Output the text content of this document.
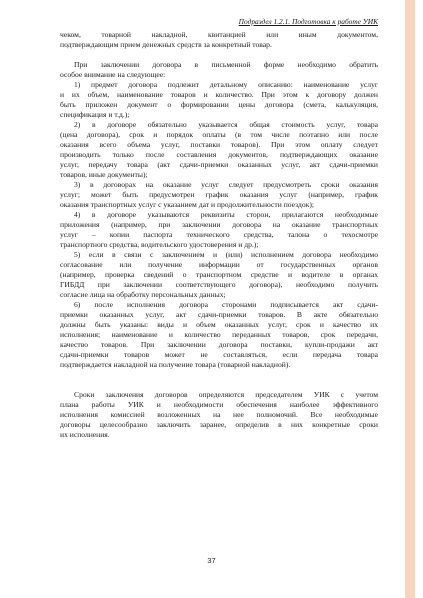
Подраздел 1.2.1. Подготовка к работе УИК
чеком, товарной накладной, квитанцией или иным документом,
подтверждающим прием денежных средств за конкретный товар.
При заключении договора в письменной форме необходимо обратить
особое внимание на следующее:
1) предмет договора подлежит детальному описанию: наименование услуг
и их объем, наименование товаров и количество. При этом к договору должен
быть приложен документ о формировании цены договора (смета, калькуляция,
спецификация и т.д.);
2) в договоре обязательно указывается общая стоимость услуг, товара
(цена договора), срок и порядок оплаты (в том числе поэтапно или после
оказания всего объема услуг, поставки товаров). При этом оплату следует
производить только после составления документов, подтверждающих оказание
услуг, передачу товара (акт сдачи-приемки оказанных услуг, акт сдачи-приемки
товаров, иные документы);
3) в договорах на оказание услуг следует предусмотреть сроки оказания
услуг; может быть предусмотрен график оказания услуг (например, график
оказания транспортных услуг с указанием дат и продолжительности поездок);
4) в договоре указываются реквизиты сторон, прилагаются необходимые
приложения (например, при заключении договора на оказание транспортных
услуг – копии паспорта технического средства, талона о техосмотре
транспортного средства, водительского удостоверения и др.);
5) если в связи с заключением и (или) исполнением договора необходимо
согласование или получение информации от государственных органов
(например, проверка сведений о транспортном средстве и водителе в органах
ГИБДД при заключении соответствующего договора), необходимо получить
согласие лица на обработку персональных данных;
6) после исполнения договора сторонами подписывается акт сдачи-
приемки оказанных услуг, акт сдачи-приемки товаров. В акте обязательно
должны быть указаны: виды и объем оказанных услуг, срок и качество их
исполнения; наименование и количество переданных товаров, срок передачи,
качество товаров. При заключении договора поставки, купли-продажи акт
сдачи-приемки товаров может не составляться, если передача товара
подтверждается накладной на получение товара (товарной накладной).
Сроки заключения договоров определяются председателем УИК с учетом
плана работы УИК и необходимости обеспечения наиболее эффективного
исполнения комиссией возложенных на нее полномочий. Все необходимые
договоры целесообразно заключить заранее, определив в них конкретные сроки
их исполнения.
37
